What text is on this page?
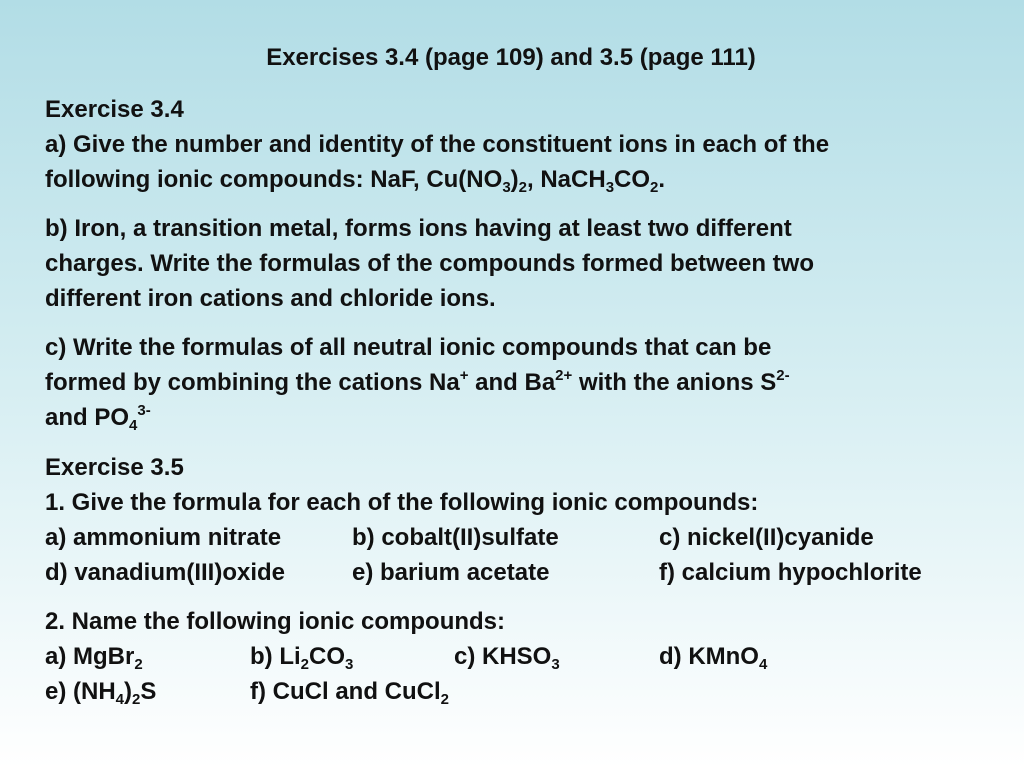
Exercises 3.4 (page 109) and 3.5 (page 111)
Exercise 3.4
a) Give the number and identity of the constituent ions in each of the
following ionic compounds: NaF, $Cu(NO_3)_2$, $NaCH_3CO_2$.
b) Iron, a transition metal, forms ions having at least two different
charges. Write the formulas of the compounds formed between two
different iron cations and chloride ions.
c) Write the formulas of all neutral ionic compounds that can be
formed by combining the cations Na+ and $Ba^{2+}$ with the anions $S^{2-}$
and $PO_4^{3-}$
Exercise 3.5
1. Give the formula for each of the following ionic compounds:
a) ammonium nitrate	b) cobalt(II)sulfate	c) nickel(II)cyanide
d) vanadium(III)oxide	e) barium acetate	f) calcium hypochlorite
2. Name the following ionic compounds:
a) MgBr$_2$	b) $Li_2CO_3$	c) $KHSO_3$	d) KMnO$_4$
e) $(NH_4)_2S$	f) CuCl and CuCl$_2$
